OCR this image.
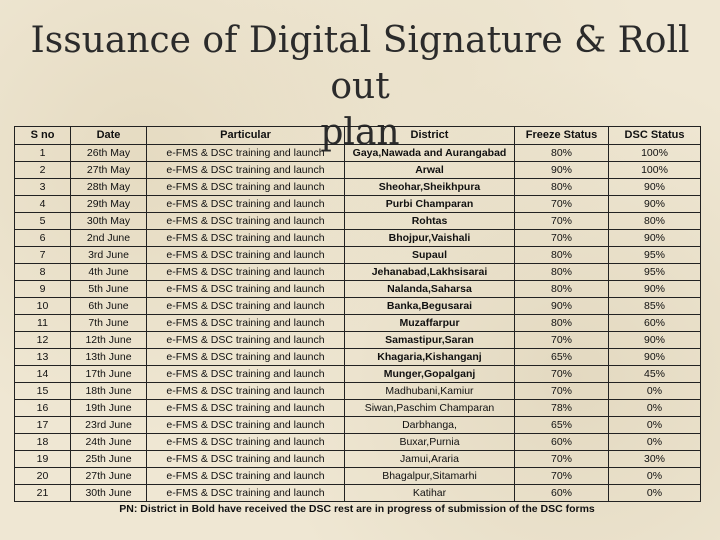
Issuance of Digital Signature & Roll out
plan
S no	Date	Particular	District	Freeze Status	DSC Status
1	26th May	e-FMS & DSC training and launch	Gaya,Nawada and Aurangabad	80%	100%
2	27th May	e-FMS & DSC training and launch	Arwal	90%	100%
3	28th May	e-FMS & DSC training and launch	Sheohar,Sheikhpura	80%	90%
4	29th May	e-FMS & DSC training and launch	Purbi Champaran	70%	90%
5	30th May	e-FMS & DSC training and launch	Rohtas	70%	80%
6	2nd June	e-FMS & DSC training and launch	Bhojpur,Vaishali	70%	90%
7	3rd June	e-FMS & DSC training and launch	Supaul	80%	95%
8	4th June	e-FMS & DSC training and launch	Jehanabad,Lakhsisarai	80%	95%
9	5th June	e-FMS & DSC training and launch	Nalanda,Saharsa	80%	90%
10	6th June	e-FMS & DSC training and launch	Banka,Begusarai	90%	85%
11	7th June	e-FMS & DSC training and launch	Muzaffarpur	80%	60%
12	12th June	e-FMS & DSC training and launch	Samastipur,Saran	70%	90%
13	13th June	e-FMS & DSC training and launch	Khagaria,Kishanganj	65%	90%
14	17th June	e-FMS & DSC training and launch	Munger,Gopalganj	70%	45%
15	18th June	e-FMS & DSC training and launch	Madhubani,Kamiur	70%	0%
16	19th June	e-FMS & DSC training and launch	Siwan,Paschim Champaran	78%	0%
17	23rd June	e-FMS & DSC training and launch	Darbhanga,	65%	0%
18	24th June	e-FMS & DSC training and launch	Buxar,Purnia	60%	0%
19	25th June	e-FMS & DSC training and launch	Jamui,Araria	70%	30%
20	27th June	e-FMS & DSC training and launch	Bhagalpur,Sitamarhi	70%	0%
21	30th June	e-FMS & DSC training and launch	Katihar	60%	0%
PN: District in Bold have received the DSC rest are in progress of submission of the DSC forms
